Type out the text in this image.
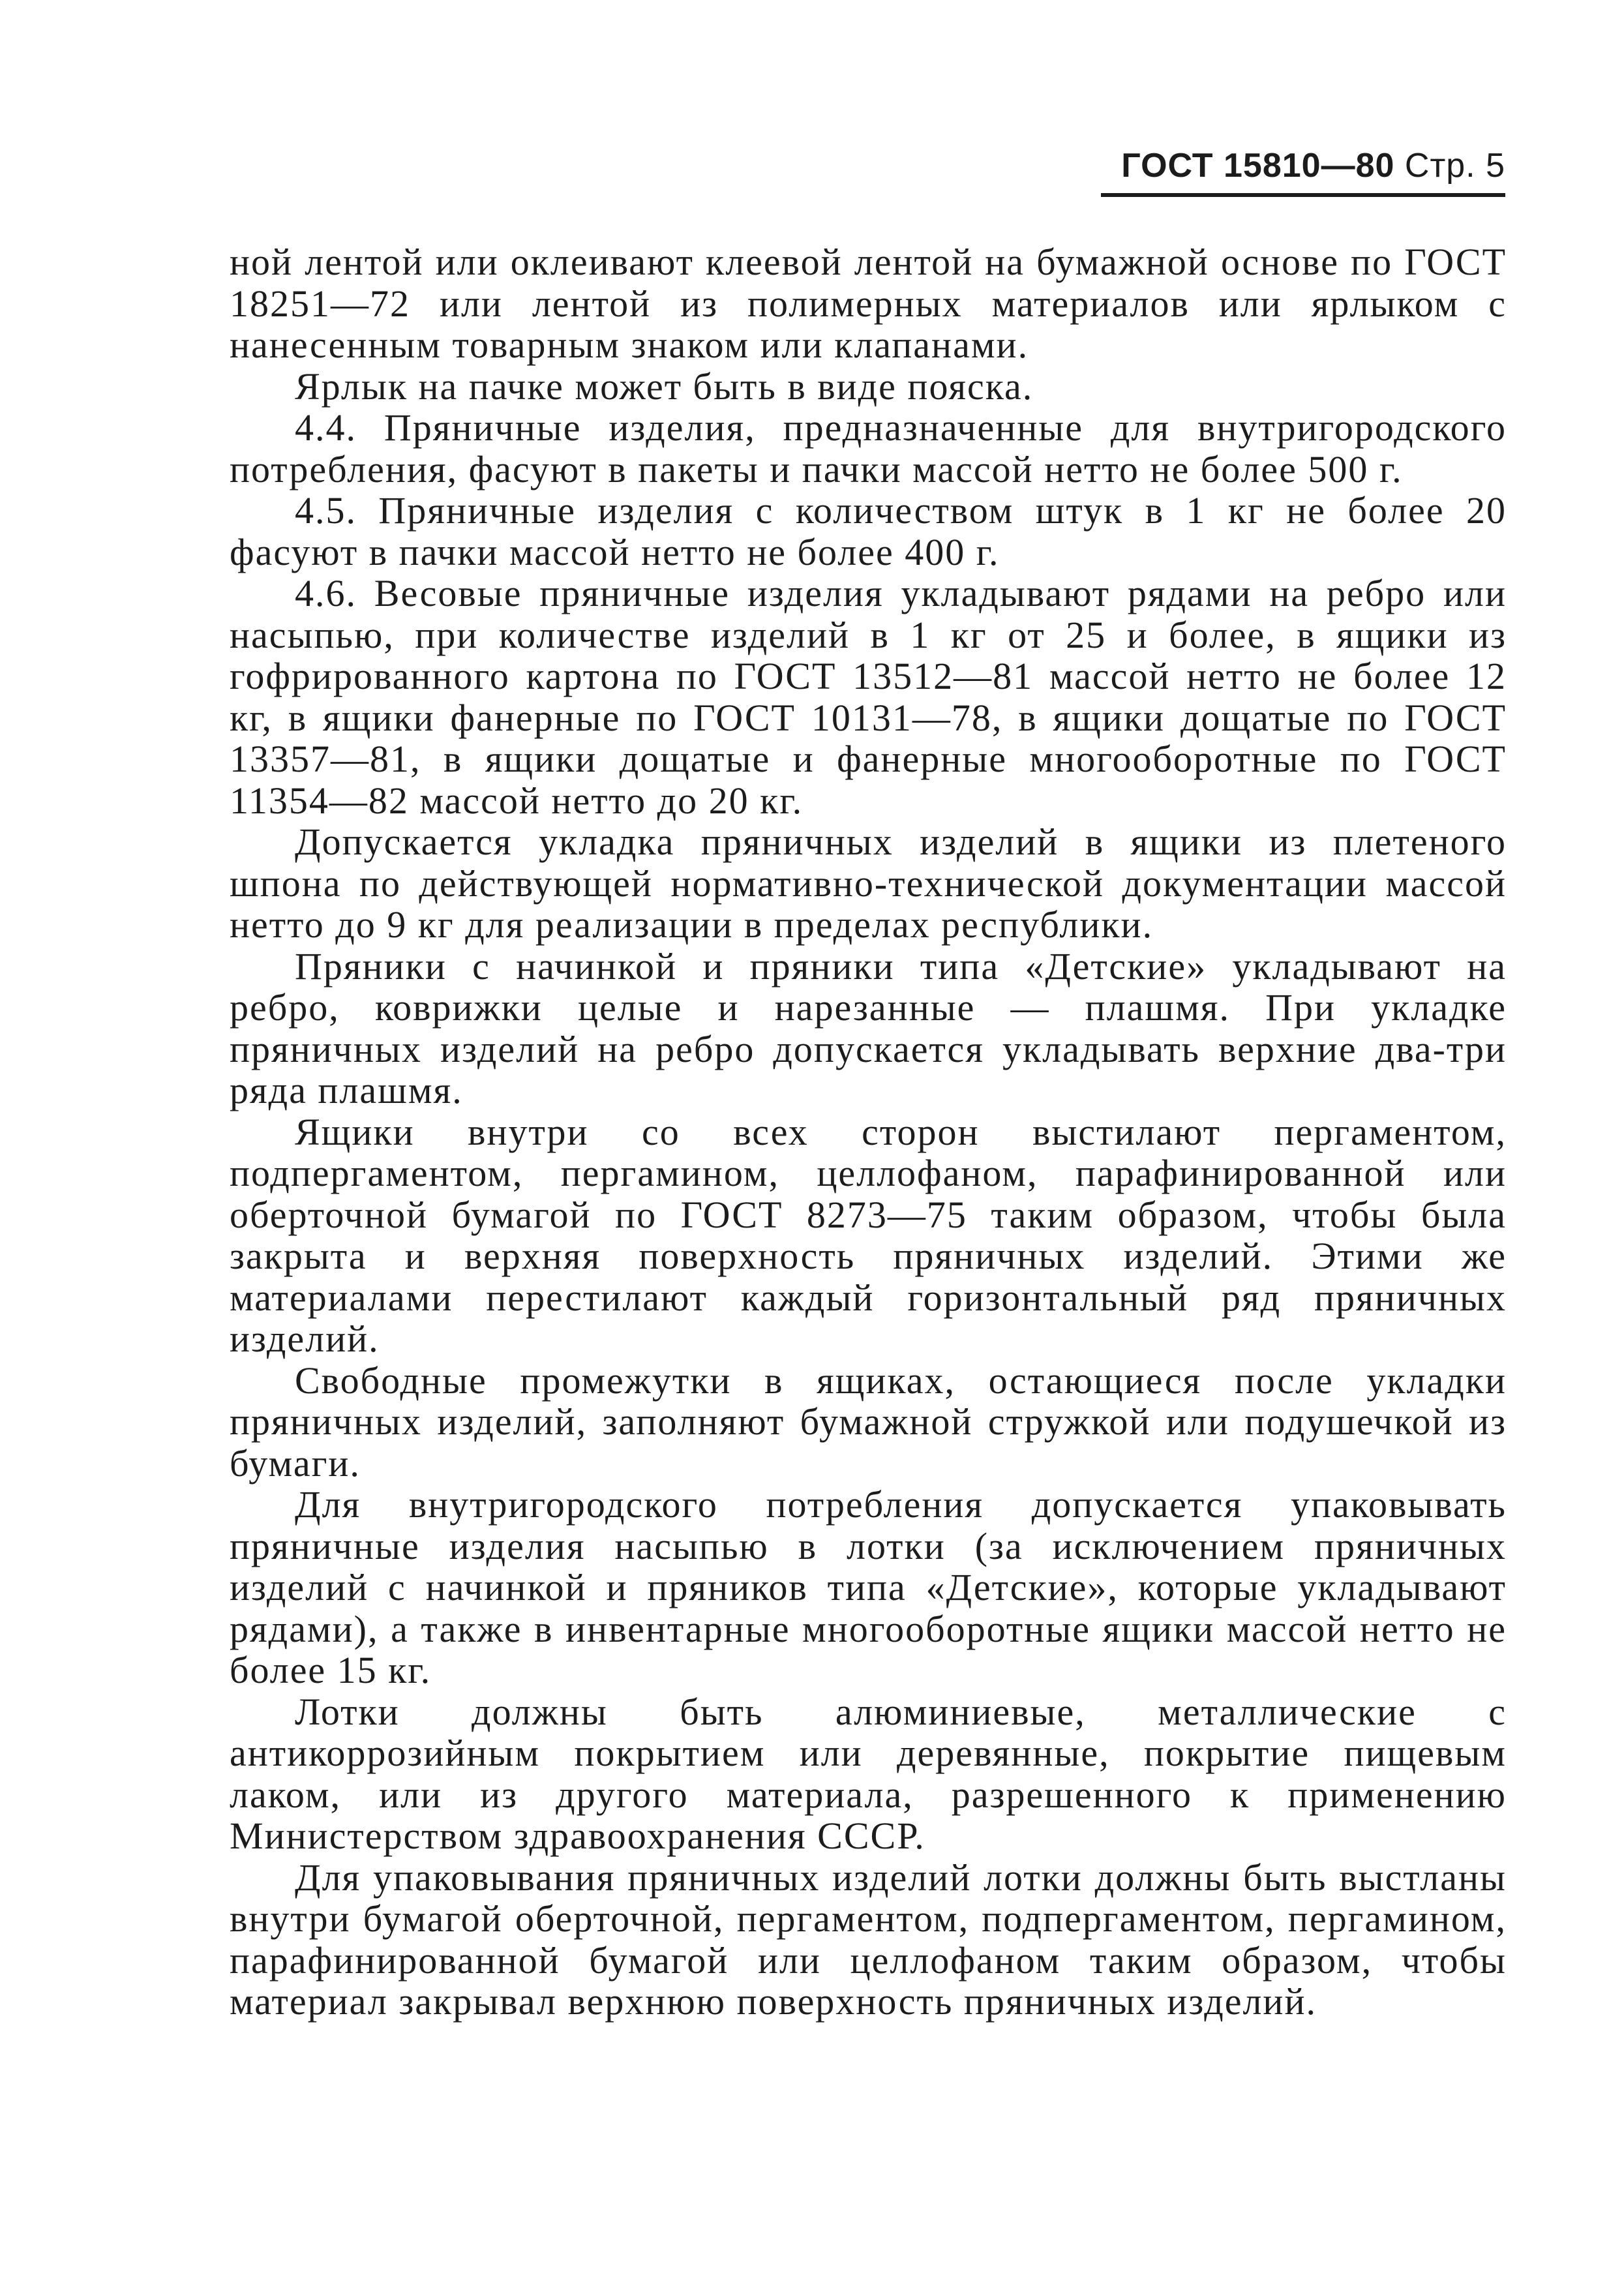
ГОСТ 15810—80 Стр. 5

ной лентой или оклеивают клеевой лентой на бумажной основе по ГОСТ 18251—72 или лентой из полимерных материалов или ярлыком с нанесенным товарным знаком или клапанами.

Ярлык на пачке может быть в виде пояска.

4.4. Пряничные изделия, предназначенные для внутригородского потребления, фасуют в пакеты и пачки массой нетто не более 500 г.

4.5. Пряничные изделия с количеством штук в 1 кг не более 20 фасуют в пачки массой нетто не более 400 г.

4.6. Весовые пряничные изделия укладывают рядами на ребро или насыпью, при количестве изделий в 1 кг от 25 и более, в ящики из гофрированного картона по ГОСТ 13512—81 массой нетто не более 12 кг, в ящики фанерные по ГОСТ 10131—78, в ящики дощатые по ГОСТ 13357—81, в ящики дощатые и фанерные многооборотные по ГОСТ 11354—82 массой нетто до 20 кг.

Допускается укладка пряничных изделий в ящики из плетеного шпона по действующей нормативно-технической документации массой нетто до 9 кг для реализации в пределах республики.

Пряники с начинкой и пряники типа «Детские» укладывают на ребро, коврижки целые и нарезанные — плашмя. При укладке пряничных изделий на ребро допускается укладывать верхние два-три ряда плашмя.

Ящики внутри со всех сторон выстилают пергаментом, подпергаментом, пергамином, целлофаном, парафинированной или оберточной бумагой по ГОСТ 8273—75 таким образом, чтобы была закрыта и верхняя поверхность пряничных изделий. Этими же материалами перестилают каждый горизонтальный ряд пряничных изделий.

Свободные промежутки в ящиках, остающиеся после укладки пряничных изделий, заполняют бумажной стружкой или подушечкой из бумаги.

Для внутригородского потребления допускается упаковывать пряничные изделия насыпью в лотки (за исключением пряничных изделий с начинкой и пряников типа «Детские», которые укладывают рядами), а также в инвентарные многооборотные ящики массой нетто не более 15 кг.

Лотки должны быть алюминиевые, металлические с антикоррозийным покрытием или деревянные, покрытие пищевым лаком, или из другого материала, разрешенного к применению Министерством здравоохранения СССР.

Для упаковывания пряничных изделий лотки должны быть выстланы внутри бумагой оберточной, пергаментом, подпергаментом, пергамином, парафинированной бумагой или целлофаном таким образом, чтобы материал закрывал верхнюю поверхность пряничных изделий.
